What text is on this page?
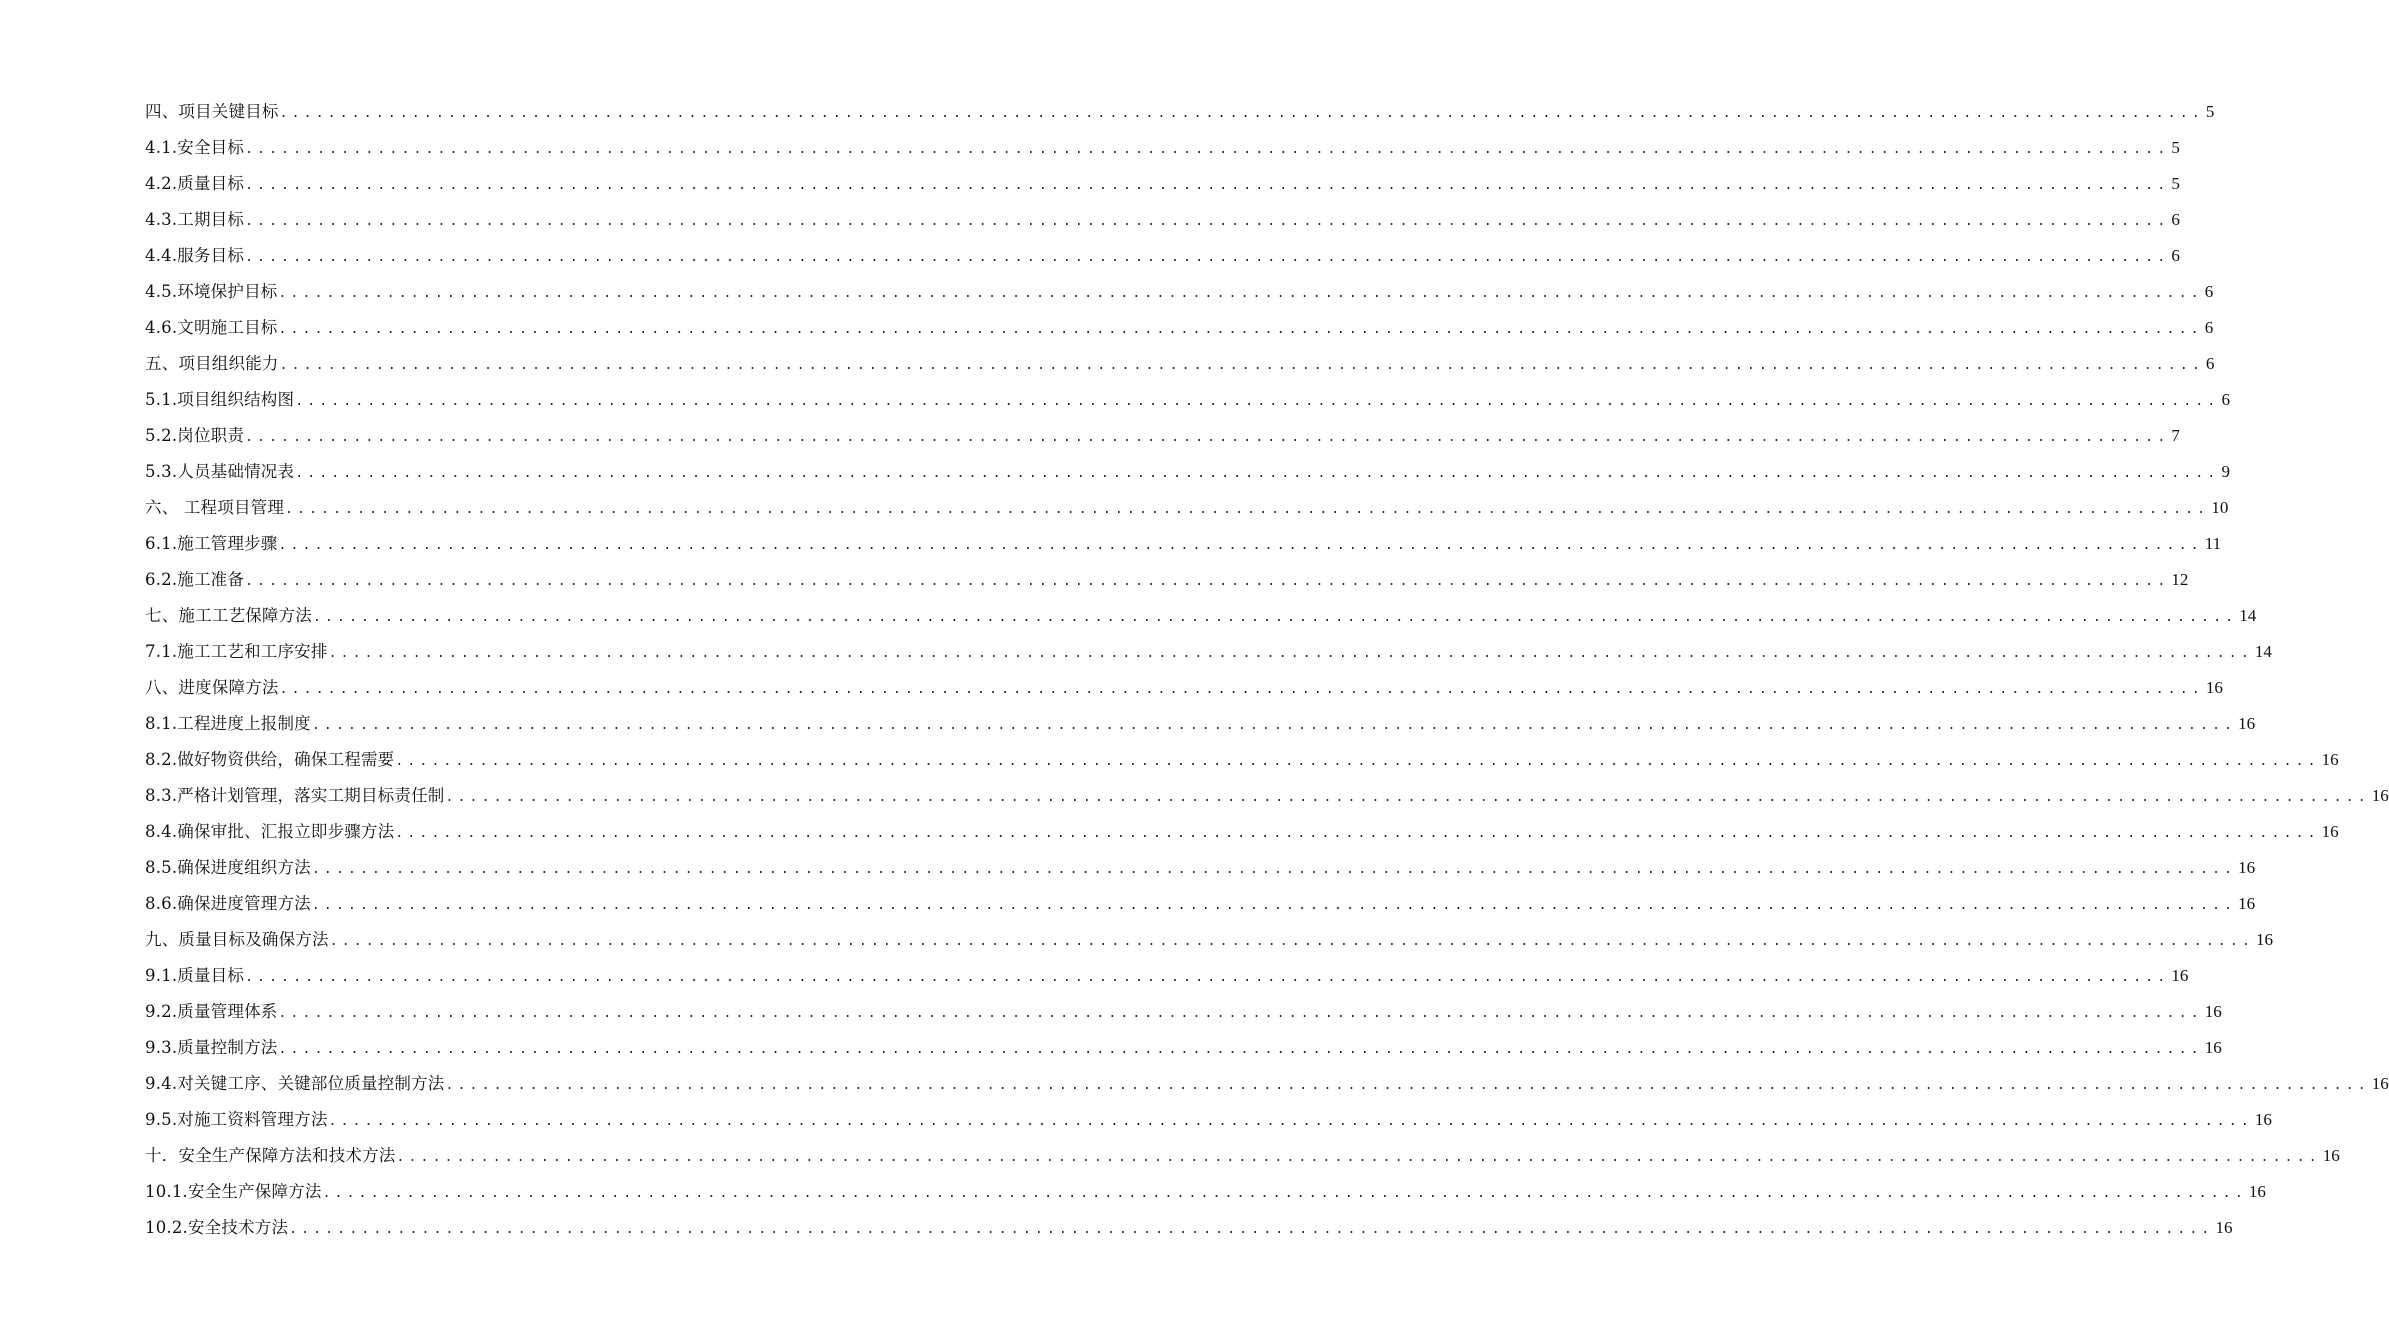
四、项目关键目标 ................................................................................................................................................................ 5
4.1.安全目标 ................................................................................................................................................................ 5
4.2.质量目标 ................................................................................................................................................................ 5
4.3.工期目标 ................................................................................................................................................................ 6
4.4.服务目标 ................................................................................................................................................................ 6
4.5.环境保护目标 ................................................................................................................................................................ 6
4.6.文明施工目标 ................................................................................................................................................................ 6
五、项目组织能力 ................................................................................................................................................................ 6
5.1.项目组织结构图 ................................................................................................................................................................ 6
5.2.岗位职责 ................................................................................................................................................................ 7
5.3.人员基础情况表 ................................................................................................................................................................ 9
六、 工程项目管理 ................................................................................................................................................................ 10
6.1.施工管理步骤 ................................................................................................................................................................ 11
6.2.施工准备 ................................................................................................................................................................ 12
七、施工工艺保障方法 ................................................................................................................................................................ 14
7.1.施工工艺和工序安排 ................................................................................................................................................................ 14
八、进度保障方法 ................................................................................................................................................................ 16
8.1.工程进度上报制度 ................................................................................................................................................................ 16
8.2.做好物资供给，确保工程需要 ................................................................................................................................................................ 16
8.3.严格计划管理，落实工期目标责任制 ................................................................................................................................................................ 16
8.4.确保审批、汇报立即步骤方法 ................................................................................................................................................................ 16
8.5.确保进度组织方法 ................................................................................................................................................................ 16
8.6.确保进度管理方法 ................................................................................................................................................................ 16
九、质量目标及确保方法 ................................................................................................................................................................ 16
9.1.质量目标 ................................................................................................................................................................ 16
9.2.质量管理体系 ................................................................................................................................................................ 16
9.3.质量控制方法 ................................................................................................................................................................ 16
9.4.对关键工序、关键部位质量控制方法 ................................................................................................................................................................ 16
9.5.对施工资料管理方法 ................................................................................................................................................................ 16
十．安全生产保障方法和技术方法 ................................................................................................................................................................ 16
10.1.安全生产保障方法 ................................................................................................................................................................ 16
10.2.安全技术方法 ................................................................................................................................................................ 16
